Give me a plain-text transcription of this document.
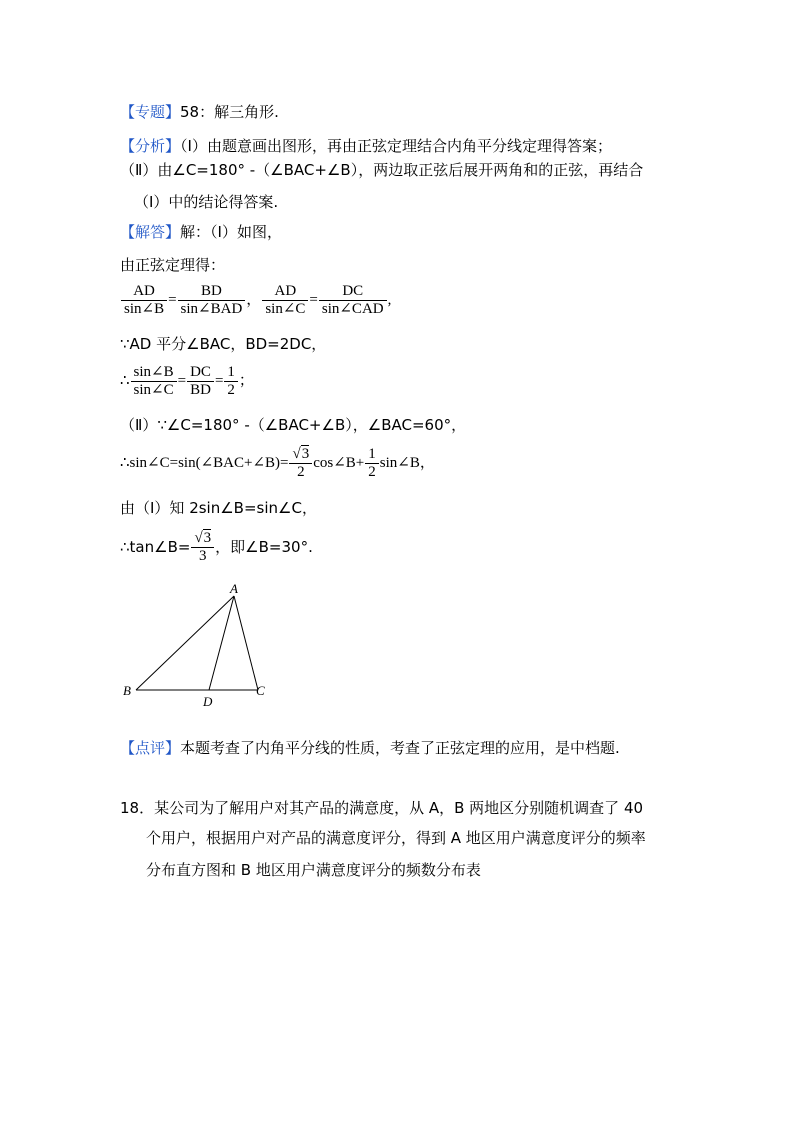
【专题】58：解三角形.
【分析】（Ⅰ）由题意画出图形，再由正弦定理结合内角平分线定理得答案；
（Ⅱ）由∠C=180° -（∠BAC+∠B），两边取正弦后展开两角和的正弦，再结合
（Ⅰ）中的结论得答案.
【解答】解：（Ⅰ）如图，
由正弦定理得：
$\frac{AD}{\sin\angle B} = \frac{BD}{\text{sin∠BAD}}$ ， $\frac{AD}{\sin\angle C} = \frac{DC}{\text{sin∠CAD}}$ ,
∵AD 平分∠BAC，BD=2DC，
∴ $\frac{\sin\angle B}{\sin\angle C} = \frac{DC}{BD} = \frac{1}{2}$ ；
（Ⅱ）∵∠C=180° -（∠BAC+∠B），∠BAC=60°，
∴sin∠C=sin(∠BAC+∠B)= $\frac{√3}{2}$ cos∠B+ $\frac{1}{2}$ sin∠B，
由（Ⅰ）知 2sin∠B=sin∠C，
∴tan∠B= $\frac{√3}{3}$ ，即∠B=30°.
A
B
D
C
【点评】本题考查了内角平分线的性质，考查了正弦定理的应用，是中档题.
18．某公司为了解用户对其产品的满意度，从 A，B 两地区分别随机调查了 40
个用户，根据用户对产品的满意度评分，得到 A 地区用户满意度评分的频率
分布直方图和 B 地区用户满意度评分的频数分布表
